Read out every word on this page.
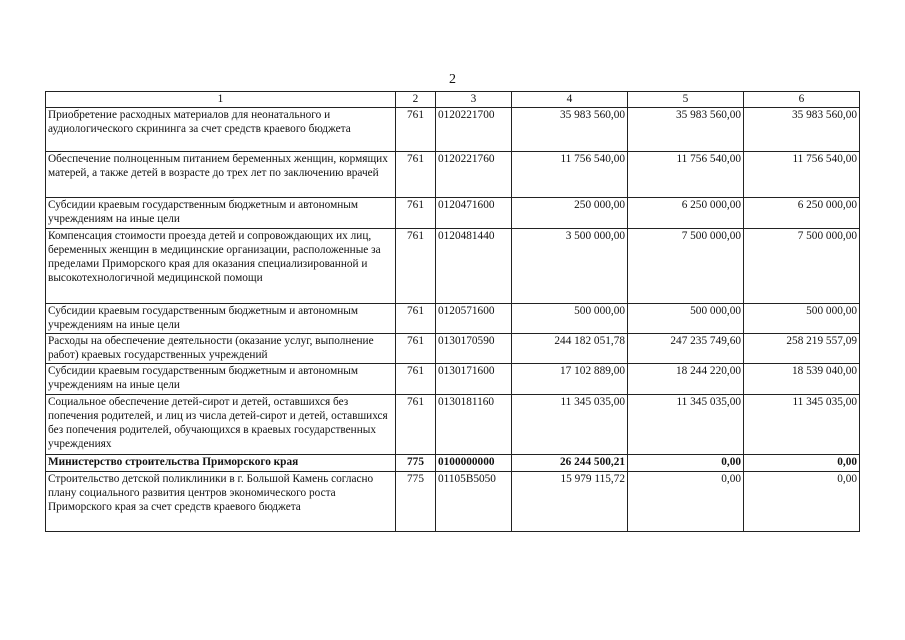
2
1	2	3	4	5	6
Приобретение расходных материалов для неонатального и аудиологического скрининга за счет средств краевого бюджета	761	0120221700	35 983 560,00	35 983 560,00	35 983 560,00
Обеспечение полноценным питанием беременных женщин, кормящих матерей, а также детей в возрасте до трех лет по заключению врачей	761	0120221760	11 756 540,00	11 756 540,00	11 756 540,00
Субсидии краевым государственным бюджетным и автономным учреждениям на иные цели	761	0120471600	250 000,00	6 250 000,00	6 250 000,00
Компенсация стоимости проезда детей и сопровождающих их лиц, беременных женщин в медицинские организации, расположенные за пределами Приморского края для оказания специализированной и высокотехнологичной медицинской помощи	761	0120481440	3 500 000,00	7 500 000,00	7 500 000,00
Субсидии краевым государственным бюджетным и автономным учреждениям на иные цели	761	0120571600	500 000,00	500 000,00	500 000,00
Расходы на обеспечение деятельности (оказание услуг, выполнение работ) краевых государственных учреждений	761	0130170590	244 182 051,78	247 235 749,60	258 219 557,09
Субсидии краевым государственным бюджетным и автономным учреждениям на иные цели	761	0130171600	17 102 889,00	18 244 220,00	18 539 040,00
Социальное обеспечение детей-сирот и детей, оставшихся без попечения родителей, и лиц из числа детей-сирот и детей, оставшихся без попечения родителей, обучающихся в краевых государственных учреждениях	761	0130181160	11 345 035,00	11 345 035,00	11 345 035,00
Министерство строительства Приморского края	775	0100000000	26 244 500,21	0,00	0,00
Строительство детской поликлиники в г. Большой Камень согласно плану социального развития центров экономического роста Приморского края за счет средств краевого бюджета	775	01105B5050	15 979 115,72	0,00	0,00
